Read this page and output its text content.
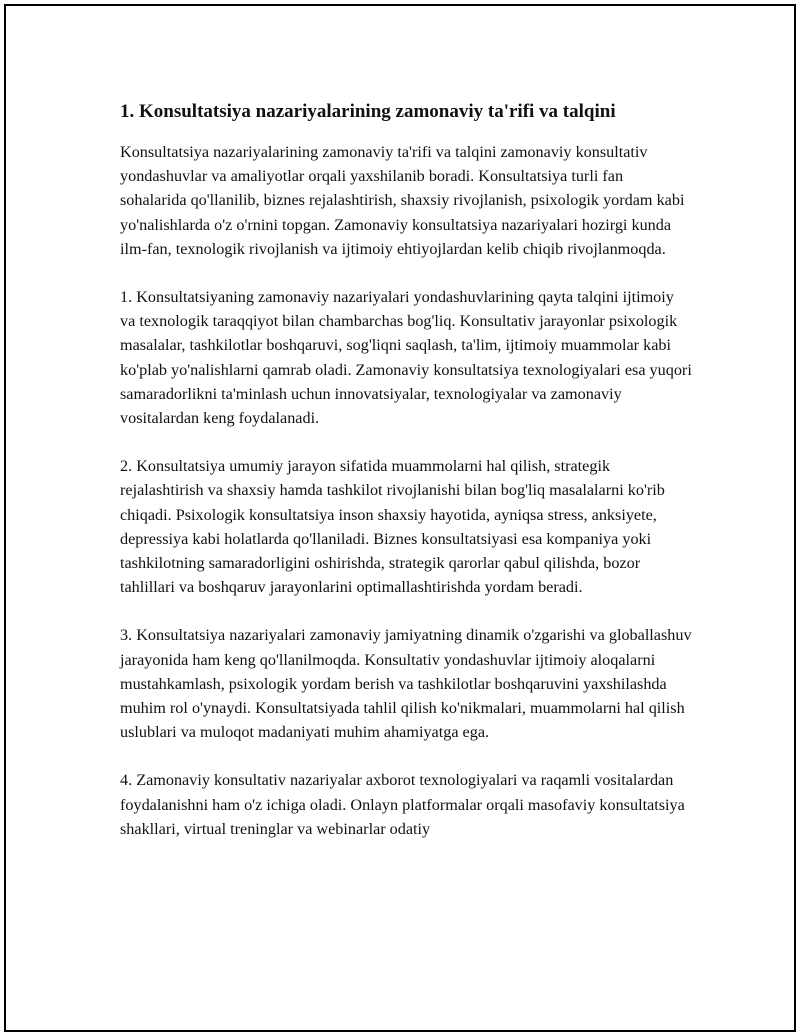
1. Konsultatsiya nazariyalarining zamonaviy ta'rifi va talqini

Konsultatsiya nazariyalarining zamonaviy ta'rifi va talqini zamonaviy konsultativ yondashuvlar va amaliyotlar orqali yaxshilanib boradi. Konsultatsiya turli fan sohalarida qo'llanilib, biznes rejalashtirish, shaxsiy rivojlanish, psixologik yordam kabi yo'nalishlarda o'z o'rnini topgan. Zamonaviy konsultatsiya nazariyalari hozirgi kunda ilm-fan, texnologik rivojlanish va ijtimoiy ehtiyojlardan kelib chiqib rivojlanmoqda.

1. Konsultatsiyaning zamonaviy nazariyalari yondashuvlarining qayta talqini ijtimoiy va texnologik taraqqiyot bilan chambarchas bog'liq. Konsultativ jarayonlar psixologik masalalar, tashkilotlar boshqaruvi, sog'liqni saqlash, ta'lim, ijtimoiy muammolar kabi ko'plab yo'nalishlarni qamrab oladi. Zamonaviy konsultatsiya texnologiyalari esa yuqori samaradorlikni ta'minlash uchun innovatsiyalar, texnologiyalar va zamonaviy vositalardan keng foydalanadi.

2. Konsultatsiya umumiy jarayon sifatida muammolarni hal qilish, strategik rejalashtirish va shaxsiy hamda tashkilot rivojlanishi bilan bog'liq masalalarni ko'rib chiqadi. Psixologik konsultatsiya inson shaxsiy hayotida, ayniqsa stress, anksiyete, depressiya kabi holatlarda qo'llaniladi. Biznes konsultatsiyasi esa kompaniya yoki tashkilotning samaradorligini oshirishda, strategik qarorlar qabul qilishda, bozor tahlillari va boshqaruv jarayonlarini optimallashtirishda yordam beradi.

3. Konsultatsiya nazariyalari zamonaviy jamiyatning dinamik o'zgarishi va globallashuv jarayonida ham keng qo'llanilmoqda. Konsultativ yondashuvlar ijtimoiy aloqalarni mustahkamlash, psixologik yordam berish va tashkilotlar boshqaruvini yaxshilashda muhim rol o'ynaydi. Konsultatsiyada tahlil qilish ko'nikmalari, muammolarni hal qilish uslublari va muloqot madaniyati muhim ahamiyatga ega.

4. Zamonaviy konsultativ nazariyalar axborot texnologiyalari va raqamli vositalardan foydalanishni ham o'z ichiga oladi. Onlayn platformalar orqali masofaviy konsultatsiya shakllari, virtual treninglar va webinarlar odatiy
